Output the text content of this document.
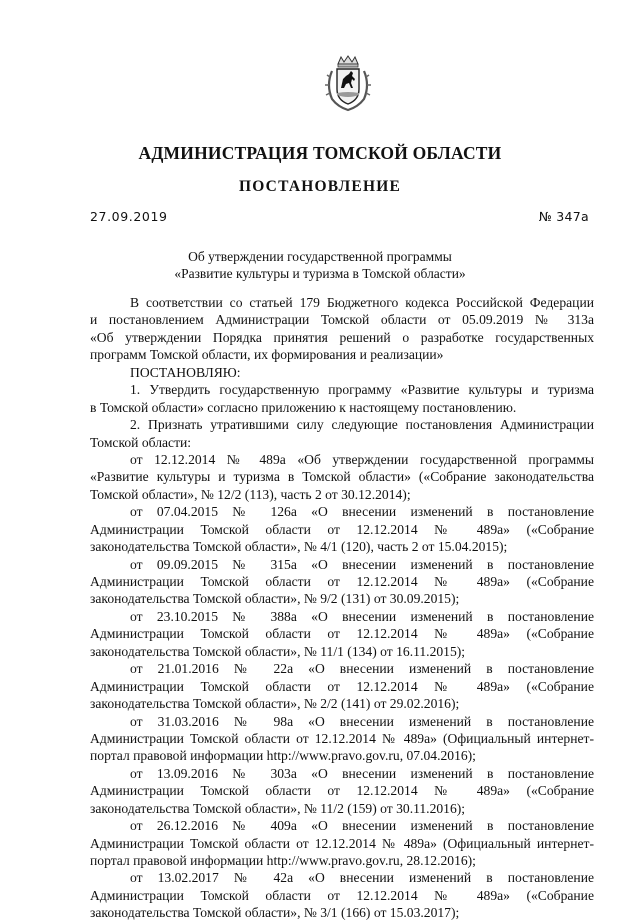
АДМИНИСТРАЦИЯ ТОМСКОЙ ОБЛАСТИ
ПОСТАНОВЛЕНИЕ
27.09.2019	№ 347а
Об утверждении государственной программы
«Развитие культуры и туризма в Томской области»
В соответствии со статьей 179 Бюджетного кодекса Российской Федерации
и постановлением Администрации Томской области от 05.09.2019 № 313а
«Об утверждении Порядка принятия решений о разработке государственных
программ Томской области, их формирования и реализации»
ПОСТАНОВЛЯЮ:
1. Утвердить государственную программу «Развитие культуры и туризма
в Томской области» согласно приложению к настоящему постановлению.
2. Признать утратившими силу следующие постановления Администрации
Томской области:
от 12.12.2014 № 489а «Об утверждении государственной программы
«Развитие культуры и туризма в Томской области» («Собрание законодательства
Томской области», № 12/2 (113), часть 2 от 30.12.2014);
от 07.04.2015 № 126а «О внесении изменений в постановление
Администрации Томской области от 12.12.2014 № 489а» («Собрание
законодательства Томской области», № 4/1 (120), часть 2 от 15.04.2015);
от 09.09.2015 № 315а «О внесении изменений в постановление
Администрации Томской области от 12.12.2014 № 489а» («Собрание
законодательства Томской области», № 9/2 (131) от 30.09.2015);
от 23.10.2015 № 388а «О внесении изменений в постановление
Администрации Томской области от 12.12.2014 № 489а» («Собрание
законодательства Томской области», № 11/1 (134) от 16.11.2015);
от 21.01.2016 № 22а «О внесении изменений в постановление
Администрации Томской области от 12.12.2014 № 489а» («Собрание
законодательства Томской области», № 2/2 (141) от 29.02.2016);
от 31.03.2016 № 98а «О внесении изменений в постановление
Администрации Томской области от 12.12.2014 № 489а» (Официальный интернет-
портал правовой информации http://www.pravo.gov.ru, 07.04.2016);
от 13.09.2016 № 303а «О внесении изменений в постановление
Администрации Томской области от 12.12.2014 № 489а» («Собрание
законодательства Томской области», № 11/2 (159) от 30.11.2016);
от 26.12.2016 № 409а «О внесении изменений в постановление
Администрации Томской области от 12.12.2014 № 489а» (Официальный интернет-
портал правовой информации http://www.pravo.gov.ru, 28.12.2016);
от 13.02.2017 № 42а «О внесении изменений в постановление
Администрации Томской области от 12.12.2014 № 489а» («Собрание
законодательства Томской области», № 3/1 (166) от 15.03.2017);
